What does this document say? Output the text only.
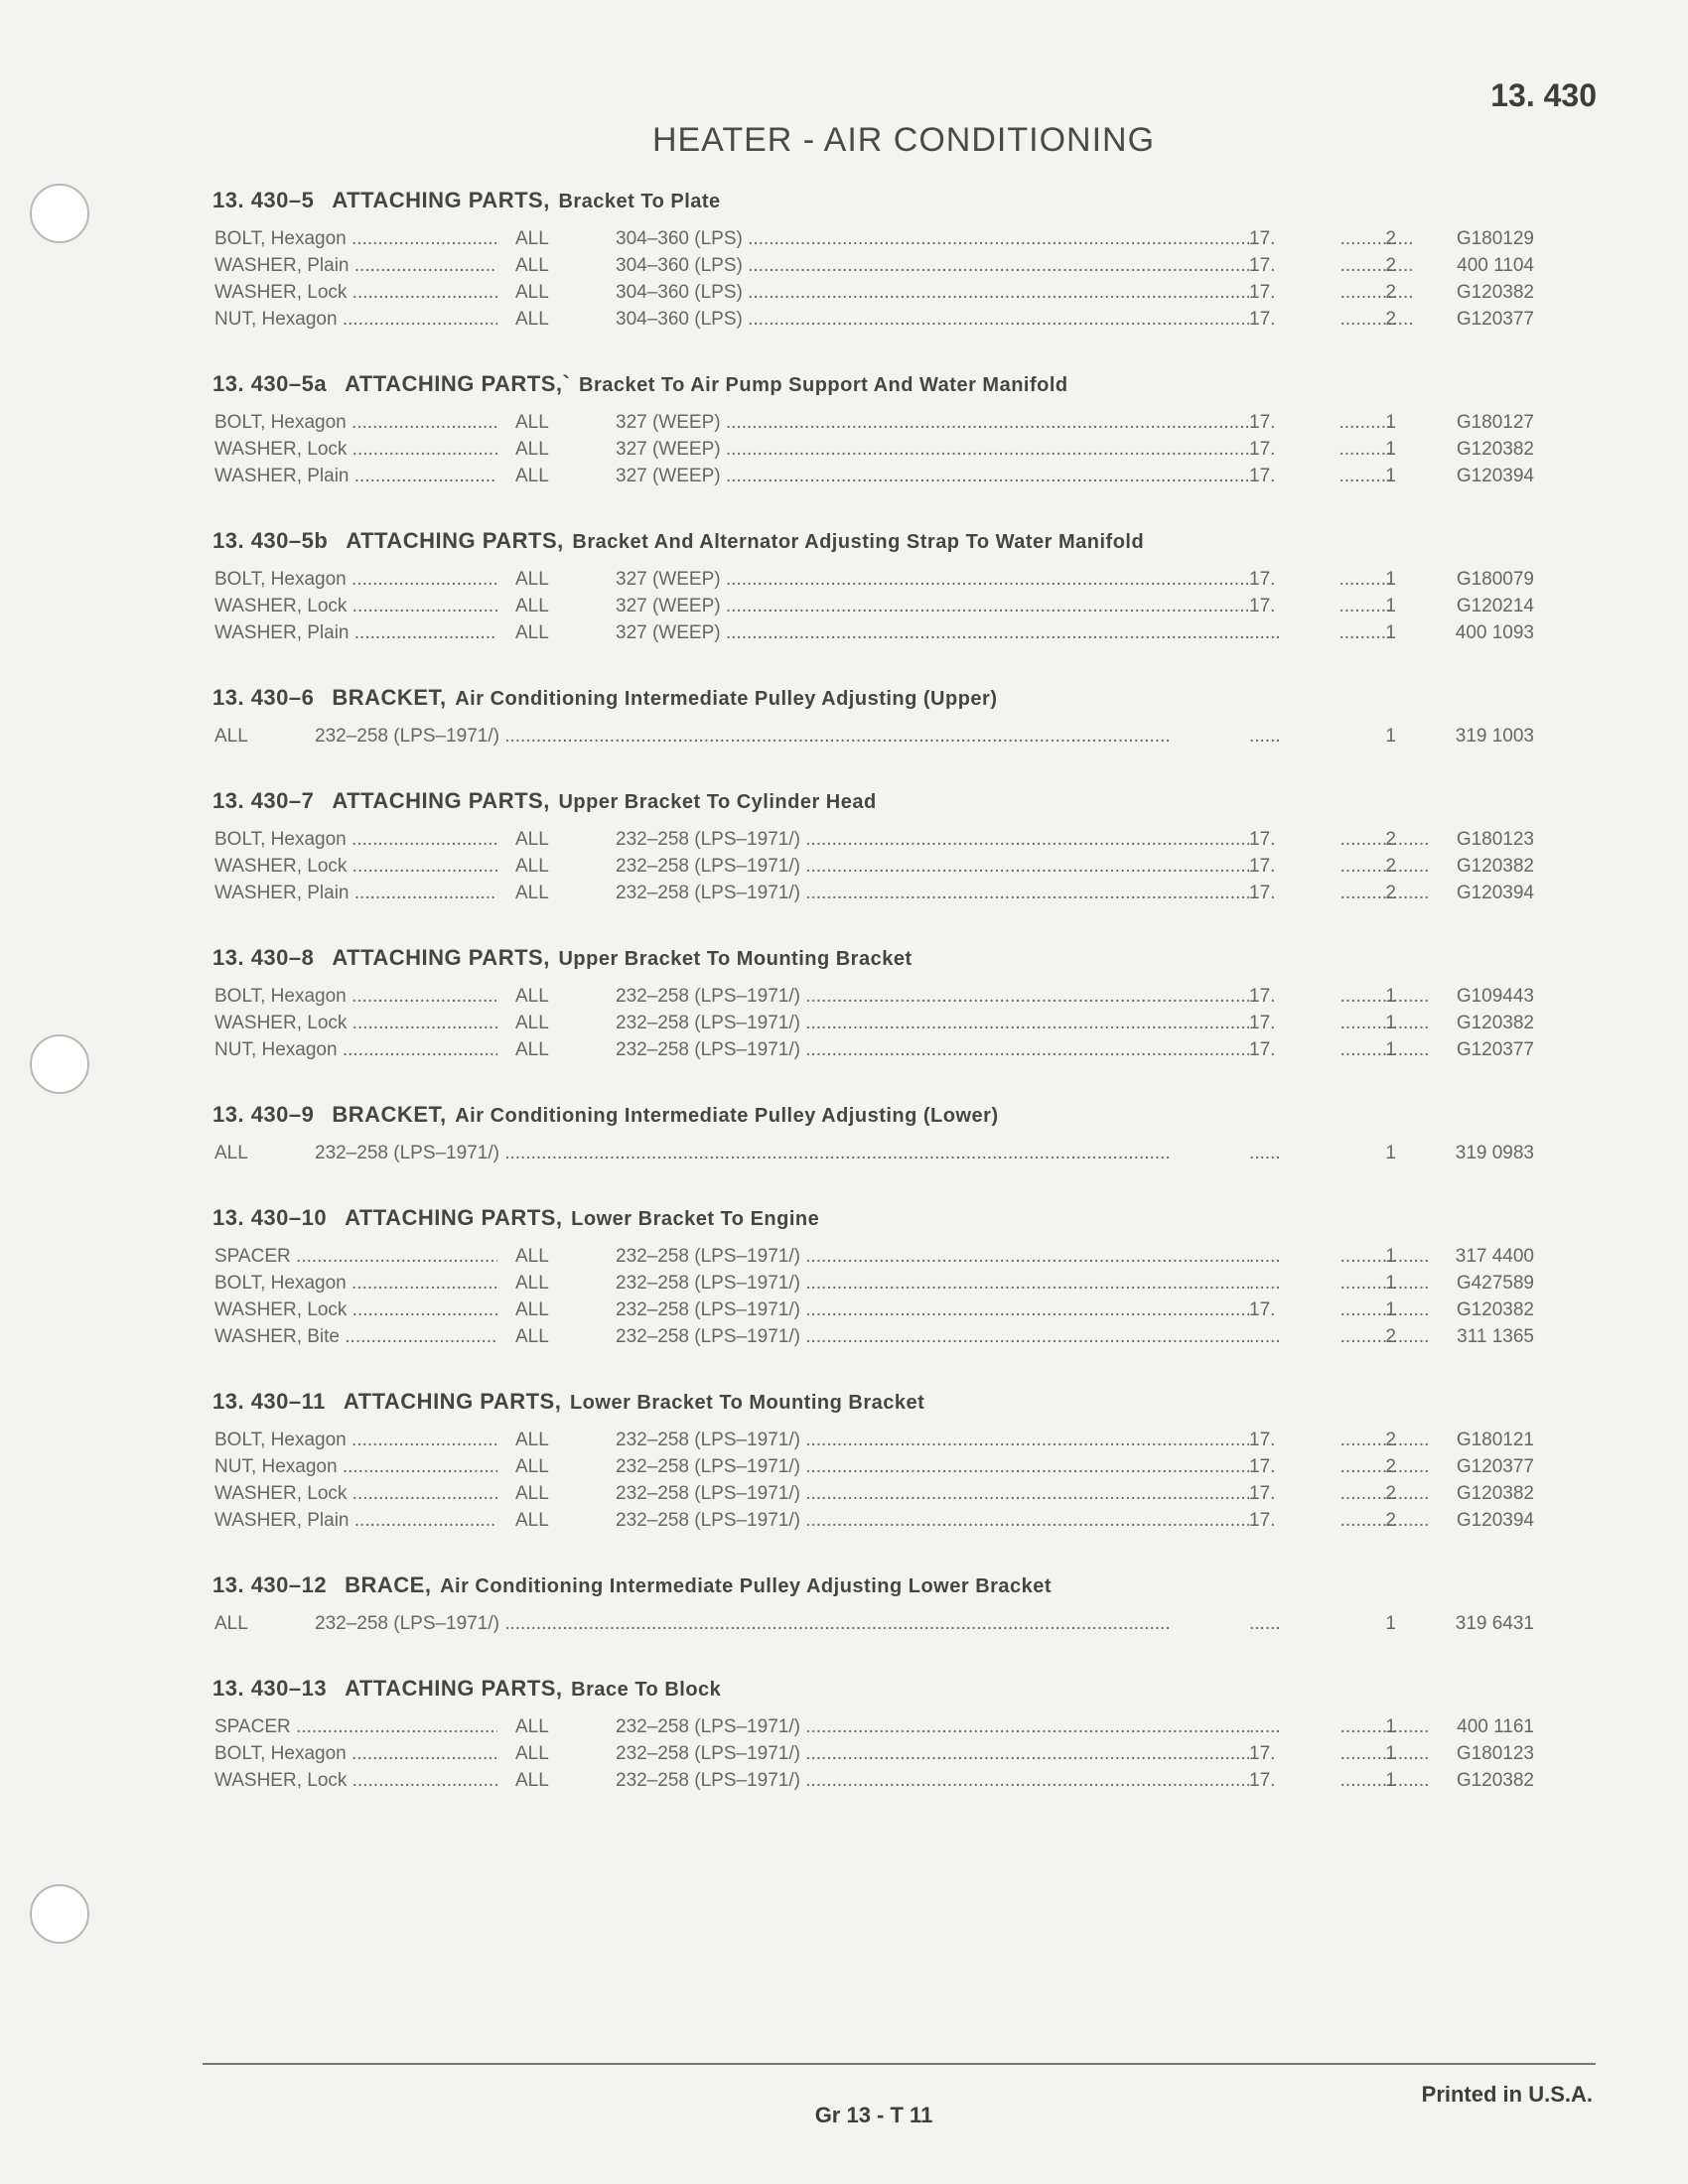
13. 430
HEATER - AIR CONDITIONING
13. 430–5 ATTACHING PARTS, Bracket To Plate
BOLT, Hexagon .....	ALL	304–360 (LPS) .....	17.	2	G180129
WASHER, Plain .....	ALL	304–360 (LPS) .....	17.	2	400 1104
WASHER, Lock .....	ALL	304–360 (LPS) .....	17.	2	G120382
NUT, Hexagon .....	ALL	304–360 (LPS) .....	17.	2	G120377
13. 430–5a ATTACHING PARTS,` Bracket To Air Pump Support And Water Manifold
BOLT, Hexagon .....	ALL	327 (WEEP) .....	17.	1	G180127
WASHER, Lock .....	ALL	327 (WEEP) .....	17.	1	G120382
WASHER, Plain .....	ALL	327 (WEEP) .....	17.	1	G120394
13. 430–5b ATTACHING PARTS, Bracket And Alternator Adjusting Strap To Water Manifold
BOLT, Hexagon .....	ALL	327 (WEEP) .....	17.	1	G180079
WASHER, Lock .....	ALL	327 (WEEP) .....	17.	1	G120214
WASHER, Plain .....	ALL	327 (WEEP) .....	......	1	400 1093
13. 430–6 BRACKET, Air Conditioning Intermediate Pulley Adjusting (Upper)
ALL	232–258 (LPS–1971/) .....	......	1	319 1003
13. 430–7 ATTACHING PARTS, Upper Bracket To Cylinder Head
BOLT, Hexagon .....	ALL	232–258 (LPS–1971/) .....	17.	2	G180123
WASHER, Lock .....	ALL	232–258 (LPS–1971/) .....	17.	2	G120382
WASHER, Plain .....	ALL	232–258 (LPS–1971/) .....	17.	2	G120394
13. 430–8 ATTACHING PARTS, Upper Bracket To Mounting Bracket
BOLT, Hexagon .....	ALL	232–258 (LPS–1971/) .....	17.	1	G109443
WASHER, Lock .....	ALL	232–258 (LPS–1971/) .....	17.	1	G120382
NUT, Hexagon .....	ALL	232–258 (LPS–1971/) .....	17.	1	G120377
13. 430–9 BRACKET, Air Conditioning Intermediate Pulley Adjusting (Lower)
ALL	232–258 (LPS–1971/) .....	......	1	319 0983
13. 430–10 ATTACHING PARTS, Lower Bracket To Engine
SPACER .....	ALL	232–258 (LPS–1971/) .....	......	1	317 4400
BOLT, Hexagon .....	ALL	232–258 (LPS–1971/) .....	......	1	G427589
WASHER, Lock .....	ALL	232–258 (LPS–1971/) .....	17.	1	G120382
WASHER, Bite .....	ALL	232–258 (LPS–1971/) .....	......	2	311 1365
13. 430–11 ATTACHING PARTS, Lower Bracket To Mounting Bracket
BOLT, Hexagon .....	ALL	232–258 (LPS–1971/) .....	17.	2	G180121
NUT, Hexagon .....	ALL	232–258 (LPS–1971/) .....	17.	2	G120377
WASHER, Lock .....	ALL	232–258 (LPS–1971/) .....	17.	2	G120382
WASHER, Plain .....	ALL	232–258 (LPS–1971/) .....	17.	2	G120394
13. 430–12 BRACE, Air Conditioning Intermediate Pulley Adjusting Lower Bracket
ALL	232–258 (LPS–1971/) .....	......	1	319 6431
13. 430–13 ATTACHING PARTS, Brace To Block
SPACER .....	ALL	232–258 (LPS–1971/) .....	......	1	400 1161
BOLT, Hexagon .....	ALL	232–258 (LPS–1971/) .....	17.	1	G180123
WASHER, Lock .....	ALL	232–258 (LPS–1971/) .....	17.	1	G120382
Printed in U.S.A.
Gr 13 - T 11
